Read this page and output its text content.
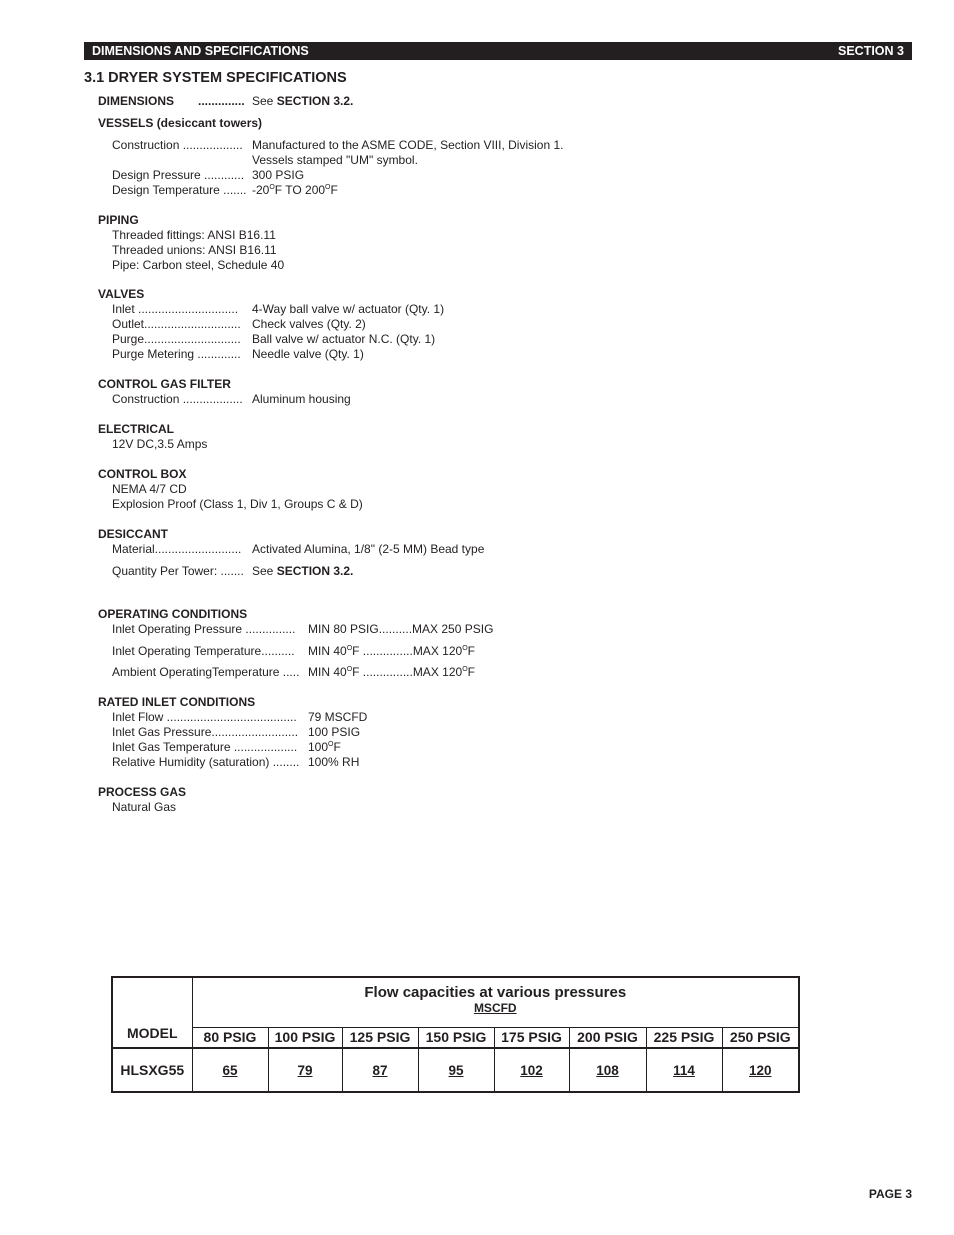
DIMENSIONS AND SPECIFICATIONS	SECTION 3
3.1 DRYER SYSTEM SPECIFICATIONS
DIMENSIONS .............. See SECTION 3.2.
VESSELS (desiccant towers)
Construction .................. Manufactured to the ASME CODE, Section VIII, Division 1.
Vessels stamped "UM" symbol.
Design Pressure ............ 300 PSIG
Design Temperature ....... $-20^OF$ TO $200^OF$
PIPING
Threaded fittings: ANSI B16.11
Threaded unions: ANSI B16.11
Pipe: Carbon steel, Schedule 40
VALVES
Inlet .............................. 4-Way ball valve w/ actuator (Qty. 1)
Outlet............................. Check valves (Qty. 2)
Purge............................. Ball valve w/ actuator N.C. (Qty. 1)
Purge Metering ............. Needle valve (Qty. 1)
CONTROL GAS FILTER
Construction .................. Aluminum housing
ELECTRICAL
12V DC,3.5 Amps
CONTROL BOX
NEMA 4/7 CD
Explosion Proof (Class 1, Div 1, Groups C & D)
DESICCANT
Material.......................... Activated Alumina, 1/8" (2-5 MM) Bead type
Quantity Per Tower: ....... See SECTION 3.2.
OPERATING CONDITIONS
Inlet Operating Pressure ............... MIN 80 PSIG..........MAX 250 PSIG
Inlet Operating Temperature.......... MIN $40^OF$ ...............MAX $120^OF$
Ambient OperatingTemperature ..... MIN $40^OF$ ...............MAX $120^OF$
RATED INLET CONDITIONS
Inlet Flow ....................................... 79 MSCFD
Inlet Gas Pressure.......................... 100 PSIG
Inlet Gas Temperature ................... $100^OF$
Relative Humidity (saturation) ........ 100% RH
PROCESS GAS
Natural Gas
MODEL	Flow capacities at various pressures
MSCFD							

	80 PSIG	100 PSIG	125 PSIG	150 PSIG	175 PSIG	200 PSIG	225 PSIG	250 PSIG
HLSXG55	65	79	87	95	102	108	114	120
PAGE 3
